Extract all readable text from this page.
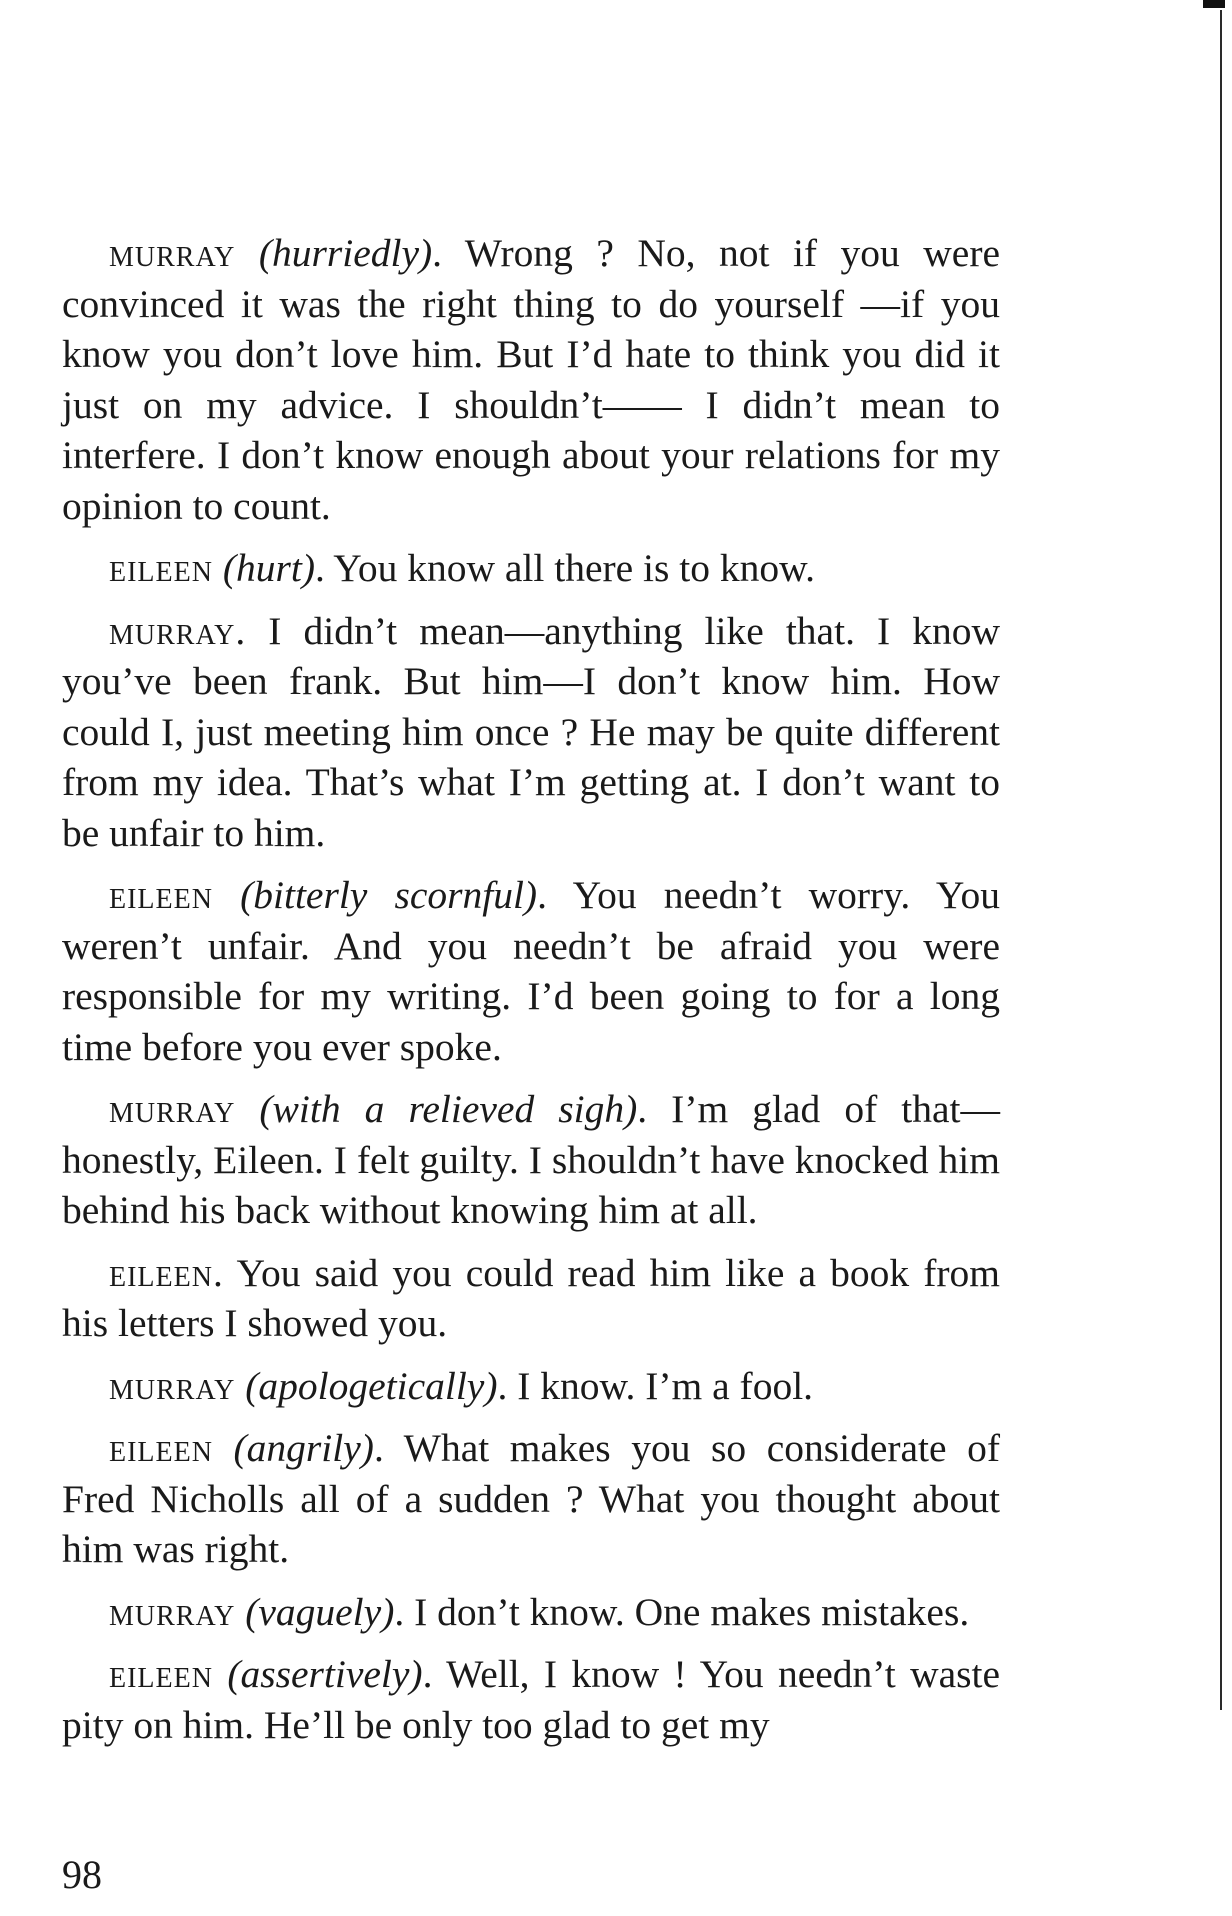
murray (hurriedly). Wrong ? No, not if you were convinced it was the right thing to do yourself —if you know you don’t love him. But I’d hate to think you did it just on my advice. I shouldn’t—— I didn’t mean to interfere. I don’t know enough about your relations for my opinion to count.

eileen (hurt). You know all there is to know.

murray. I didn’t mean—anything like that. I know you’ve been frank. But him—I don’t know him. How could I, just meeting him once ? He may be quite different from my idea. That’s what I’m getting at. I don’t want to be unfair to him.

eileen (bitterly scornful). You needn’t worry. You weren’t unfair. And you needn’t be afraid you were responsible for my writing. I’d been going to for a long time before you ever spoke.

murray (with a relieved sigh). I’m glad of that— honestly, Eileen. I felt guilty. I shouldn’t have knocked him behind his back without knowing him at all.

eileen. You said you could read him like a book from his letters I showed you.

murray (apologetically). I know. I’m a fool.

eileen (angrily). What makes you so considerate of Fred Nicholls all of a sudden ? What you thought about him was right.

murray (vaguely). I don’t know. One makes mistakes.

eileen (assertively). Well, I know ! You needn’t waste pity on him. He’ll be only too glad to get my

98
